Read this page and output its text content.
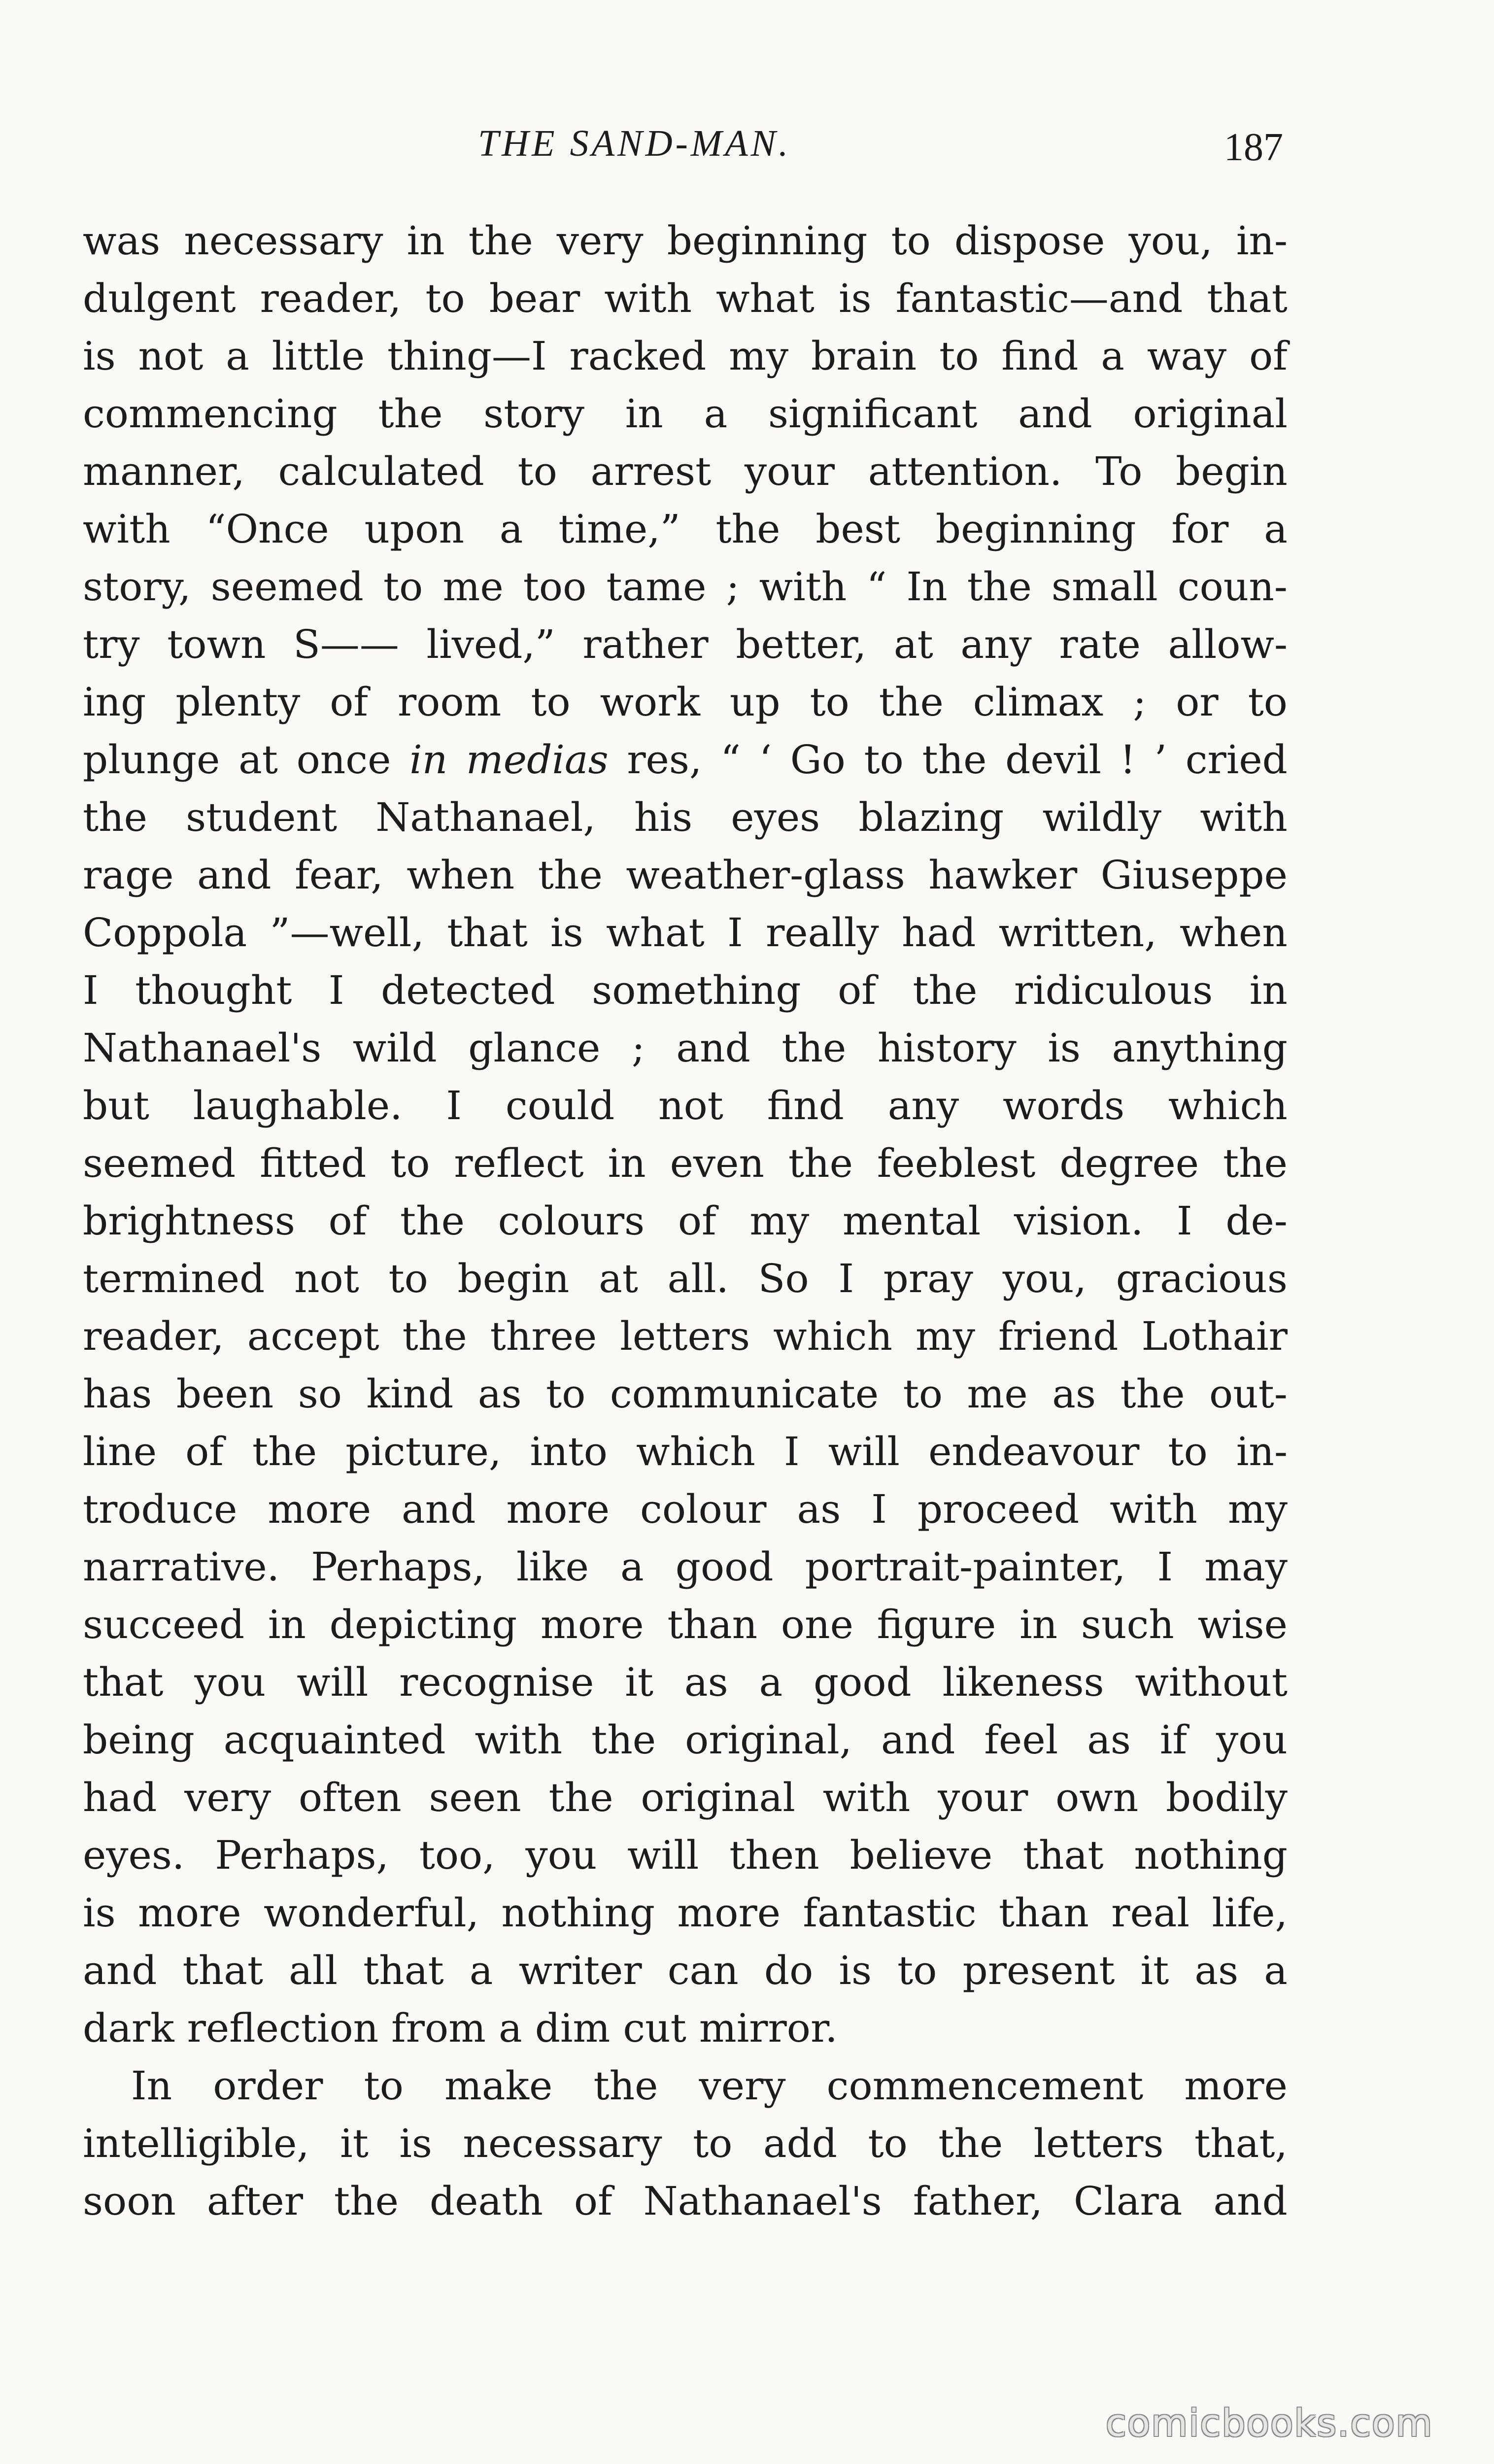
THE SAND-MAN.	187
was necessary in the very beginning to dispose you, in-
dulgent reader, to bear with what is fantastic—and that
is not a little thing—I racked my brain to find a way of
commencing the story in a significant and original
manner, calculated to arrest your attention. To begin
with “Once upon a time,” the best beginning for a
story, seemed to me too tame ; with “ In the small coun-
try town S—— lived,” rather better, at any rate allow-
ing plenty of room to work up to the climax ; or to
plunge at once in medias res, “ ‘ Go to the devil ! ’ cried
the student Nathanael, his eyes blazing wildly with
rage and fear, when the weather-glass hawker Giuseppe
Coppola ”—well, that is what I really had written, when
I thought I detected something of the ridiculous in
Nathanael's wild glance ; and the history is anything
but laughable. I could not find any words which
seemed fitted to reflect in even the feeblest degree the
brightness of the colours of my mental vision. I de-
termined not to begin at all. So I pray you, gracious
reader, accept the three letters which my friend Lothair
has been so kind as to communicate to me as the out-
line of the picture, into which I will endeavour to in-
troduce more and more colour as I proceed with my
narrative. Perhaps, like a good portrait-painter, I may
succeed in depicting more than one figure in such wise
that you will recognise it as a good likeness without
being acquainted with the original, and feel as if you
had very often seen the original with your own bodily
eyes. Perhaps, too, you will then believe that nothing
is more wonderful, nothing more fantastic than real life,
and that all that a writer can do is to present it as a
dark reflection from a dim cut mirror.
In order to make the very commencement more
intelligible, it is necessary to add to the letters that,
soon after the death of Nathanael's father, Clara and
comicbooks.com
